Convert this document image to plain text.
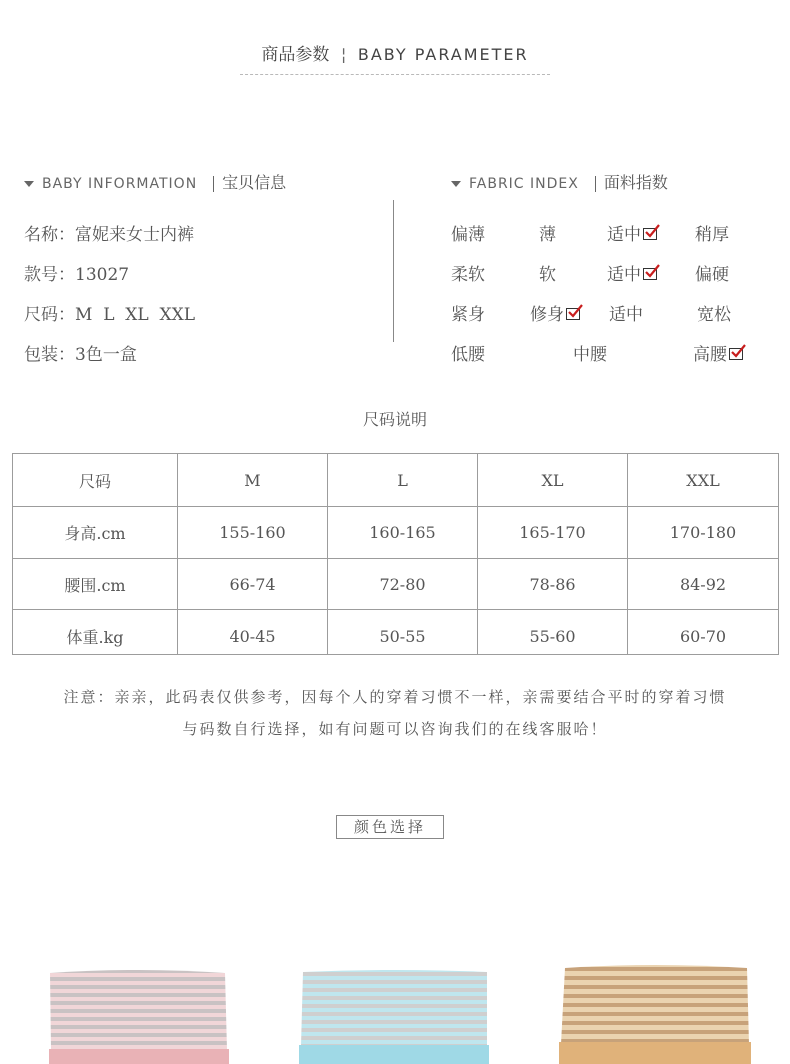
商品参数 ¦ BABY PARAMETER
BABY INFORMATION 宝贝信息	FABRIC INDEX 面料指数
名称：富妮来女士内裤
款号：13027
尺码：M  L  XL  XXL
包装：3色一盒
偏薄	薄	适中	稍厚
柔软	软	适中	偏硬
紧身	修身	适中	宽松
低腰	中腰	高腰
尺码说明
尺码	M	L	XL	XXL
身高.cm	155-160	160-165	165-170	170-180
腰围.cm	66-74	72-80	78-86	84-92
体重.kg	40-45	50-55	55-60	60-70
注意：亲亲，此码表仅供参考，因每个人的穿着习惯不一样，亲需要结合平时的穿着习惯
与码数自行选择，如有问题可以咨询我们的在线客服哈！
颜色选择
